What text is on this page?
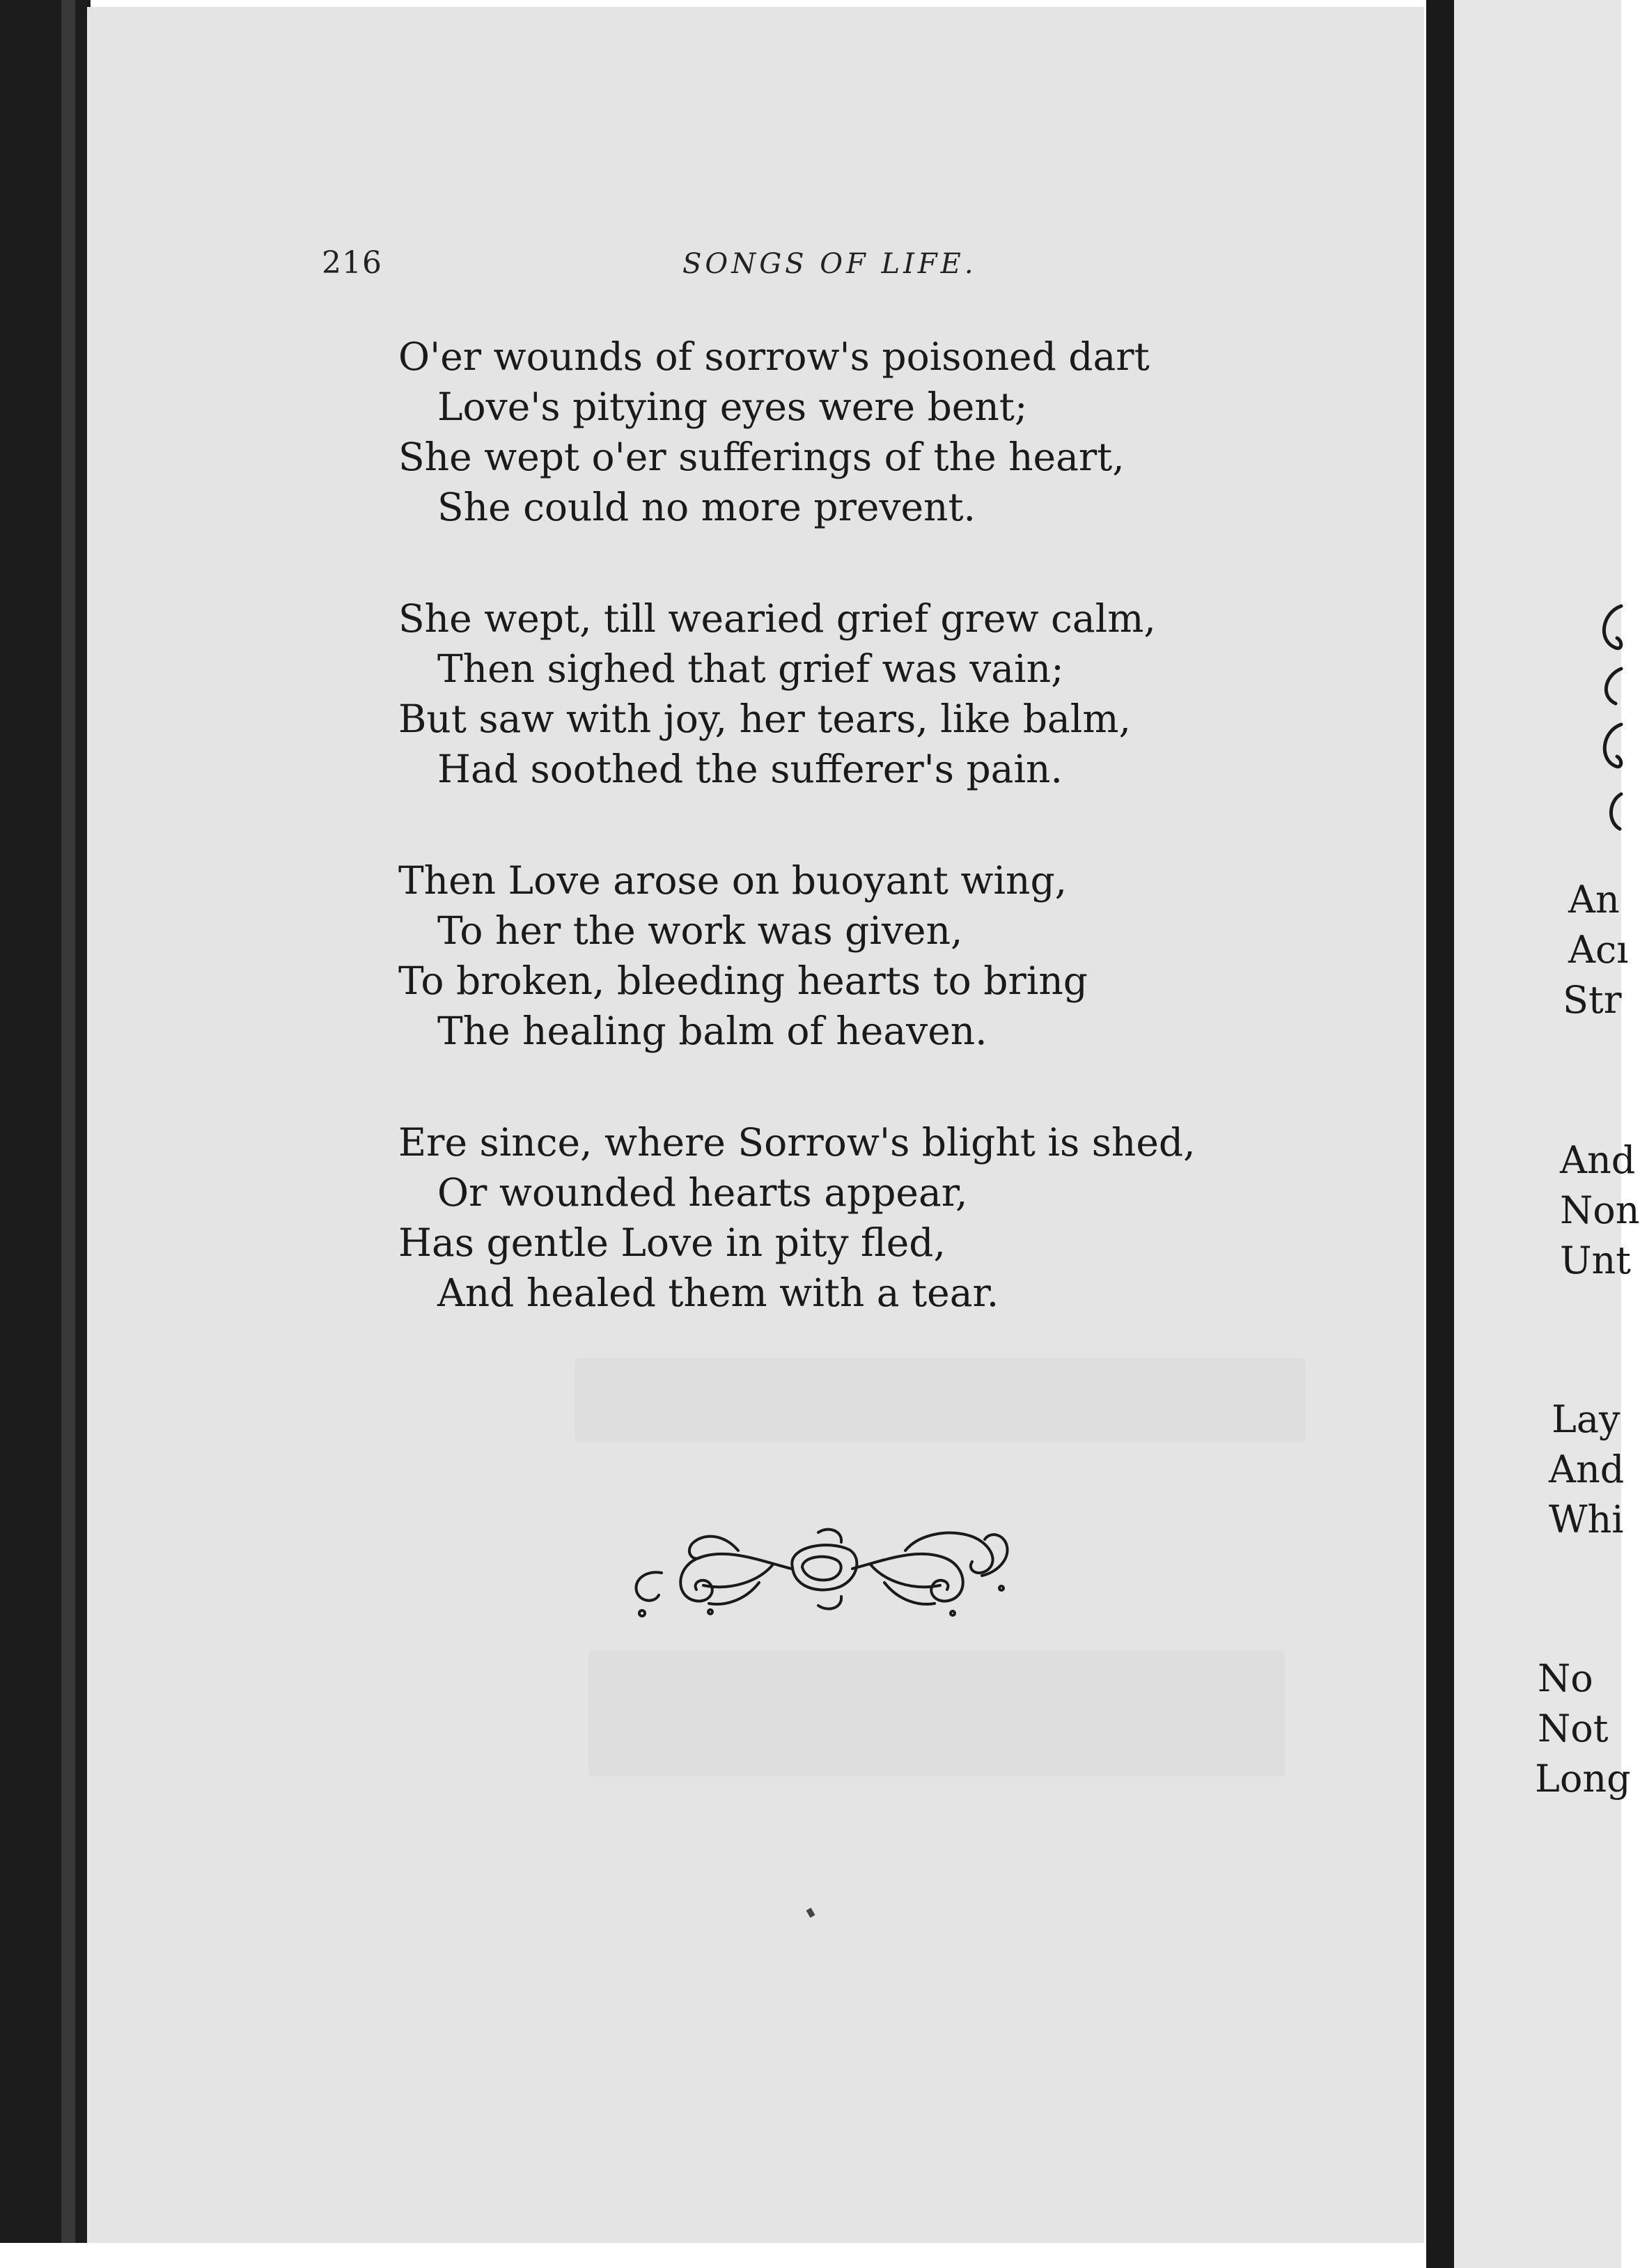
216	SONGS OF LIFE.
O'er wounds of sorrow's poisoned dart
Love's pitying eyes were bent;
She wept o'er sufferings of the heart,
She could no more prevent.
She wept, till wearied grief grew calm,
Then sighed that grief was vain;
But saw with joy, her tears, like balm,
Had soothed the sufferer's pain.
Then Love arose on buoyant wing,
To her the work was given,
To broken, bleeding hearts to bring
The healing balm of heaven.
Ere since, where Sorrow's blight is shed,
Or wounded hearts appear,
Has gentle Love in pity fled,
And healed them with a tear.
An
Acı
Str
And
Non
Unt
Lay
And
Whi
No
Not
Long
